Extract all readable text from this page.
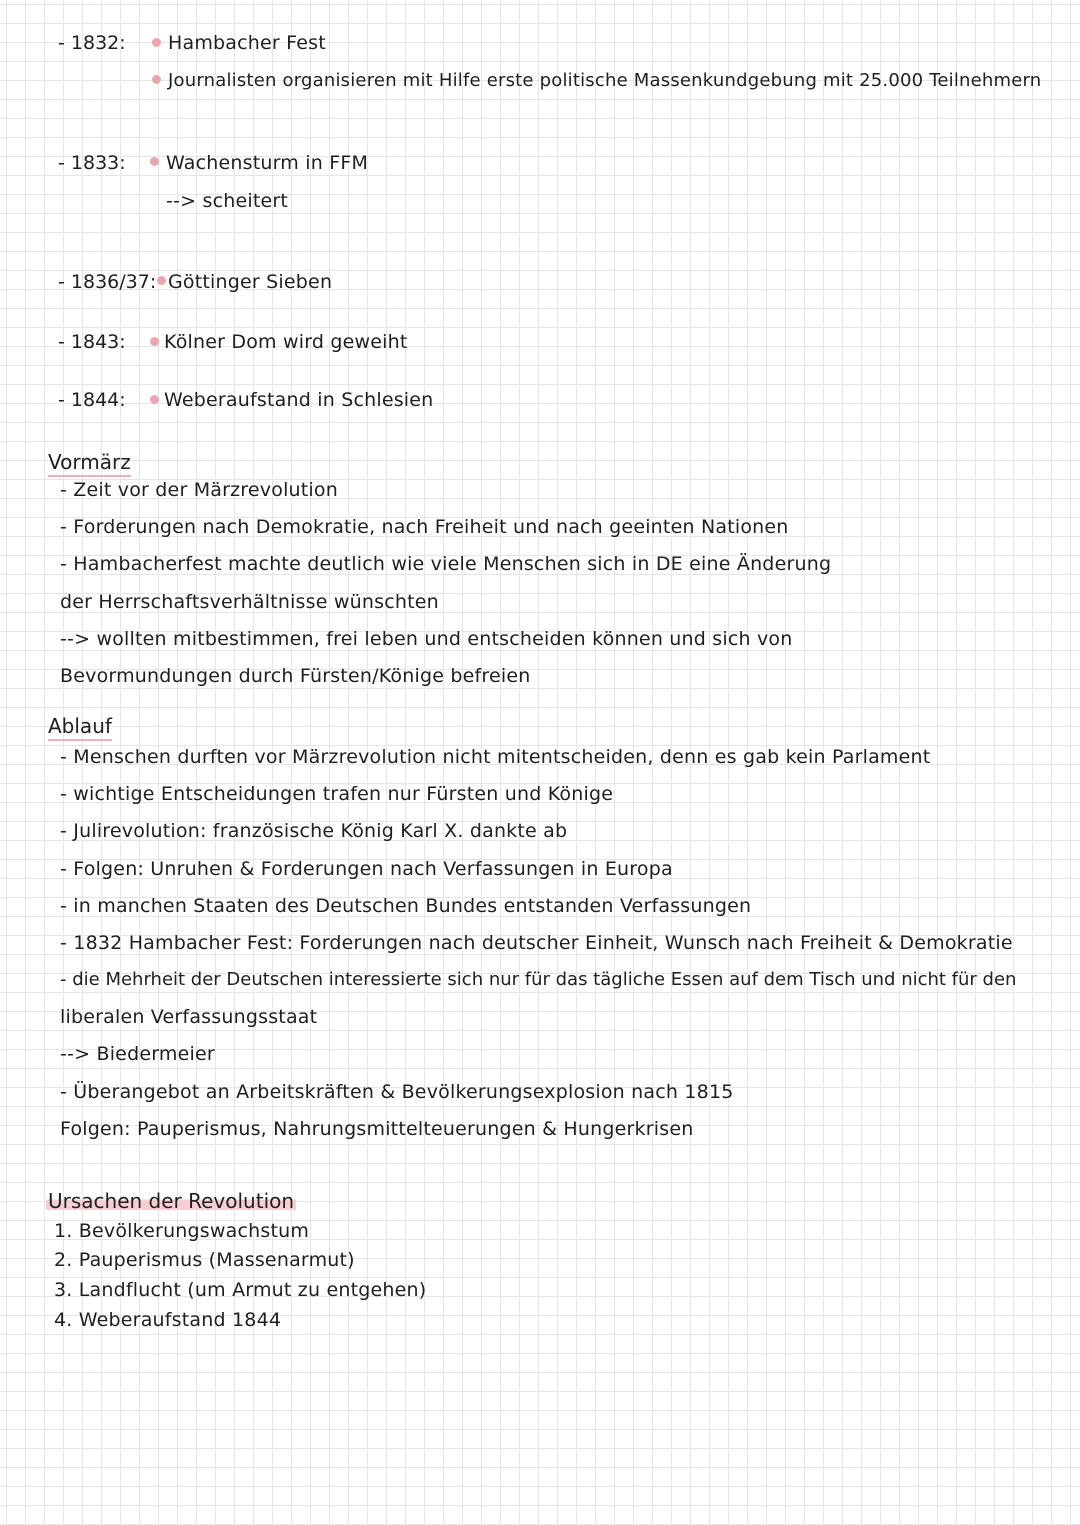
- 1832: Hambacher Fest
Journalisten organisieren mit Hilfe erste politische Massenkundgebung mit 25.000 Teilnehmern
- 1833: Wachensturm in FFM
--> scheitert
- 1836/37: Göttinger Sieben
- 1843: Kölner Dom wird geweiht
- 1844: Weberaufstand in Schlesien
Vormärz
- Zeit vor der Märzrevolution
- Forderungen nach Demokratie, nach Freiheit und nach geeinten Nationen
- Hambacherfest machte deutlich wie viele Menschen sich in DE eine Änderung
der Herrschaftsverhältnisse wünschten
--> wollten mitbestimmen, frei leben und entscheiden können und sich von
Bevormundungen durch Fürsten/Könige befreien
Ablauf
- Menschen durften vor Märzrevolution nicht mitentscheiden, denn es gab kein Parlament
- wichtige Entscheidungen trafen nur Fürsten und Könige
- Julirevolution: französische König Karl X. dankte ab
- Folgen: Unruhen & Forderungen nach Verfassungen in Europa
- in manchen Staaten des Deutschen Bundes entstanden Verfassungen
- 1832 Hambacher Fest: Forderungen nach deutscher Einheit, Wunsch nach Freiheit & Demokratie
- die Mehrheit der Deutschen interessierte sich nur für das tägliche Essen auf dem Tisch und nicht für den
liberalen Verfassungsstaat
--> Biedermeier
- Überangebot an Arbeitskräften & Bevölkerungsexplosion nach 1815
Folgen: Pauperismus, Nahrungsmittelteuerungen & Hungerkrisen
Ursachen der Revolution
1. Bevölkerungswachstum
2. Pauperismus (Massenarmut)
3. Landflucht (um Armut zu entgehen)
4. Weberaufstand 1844
